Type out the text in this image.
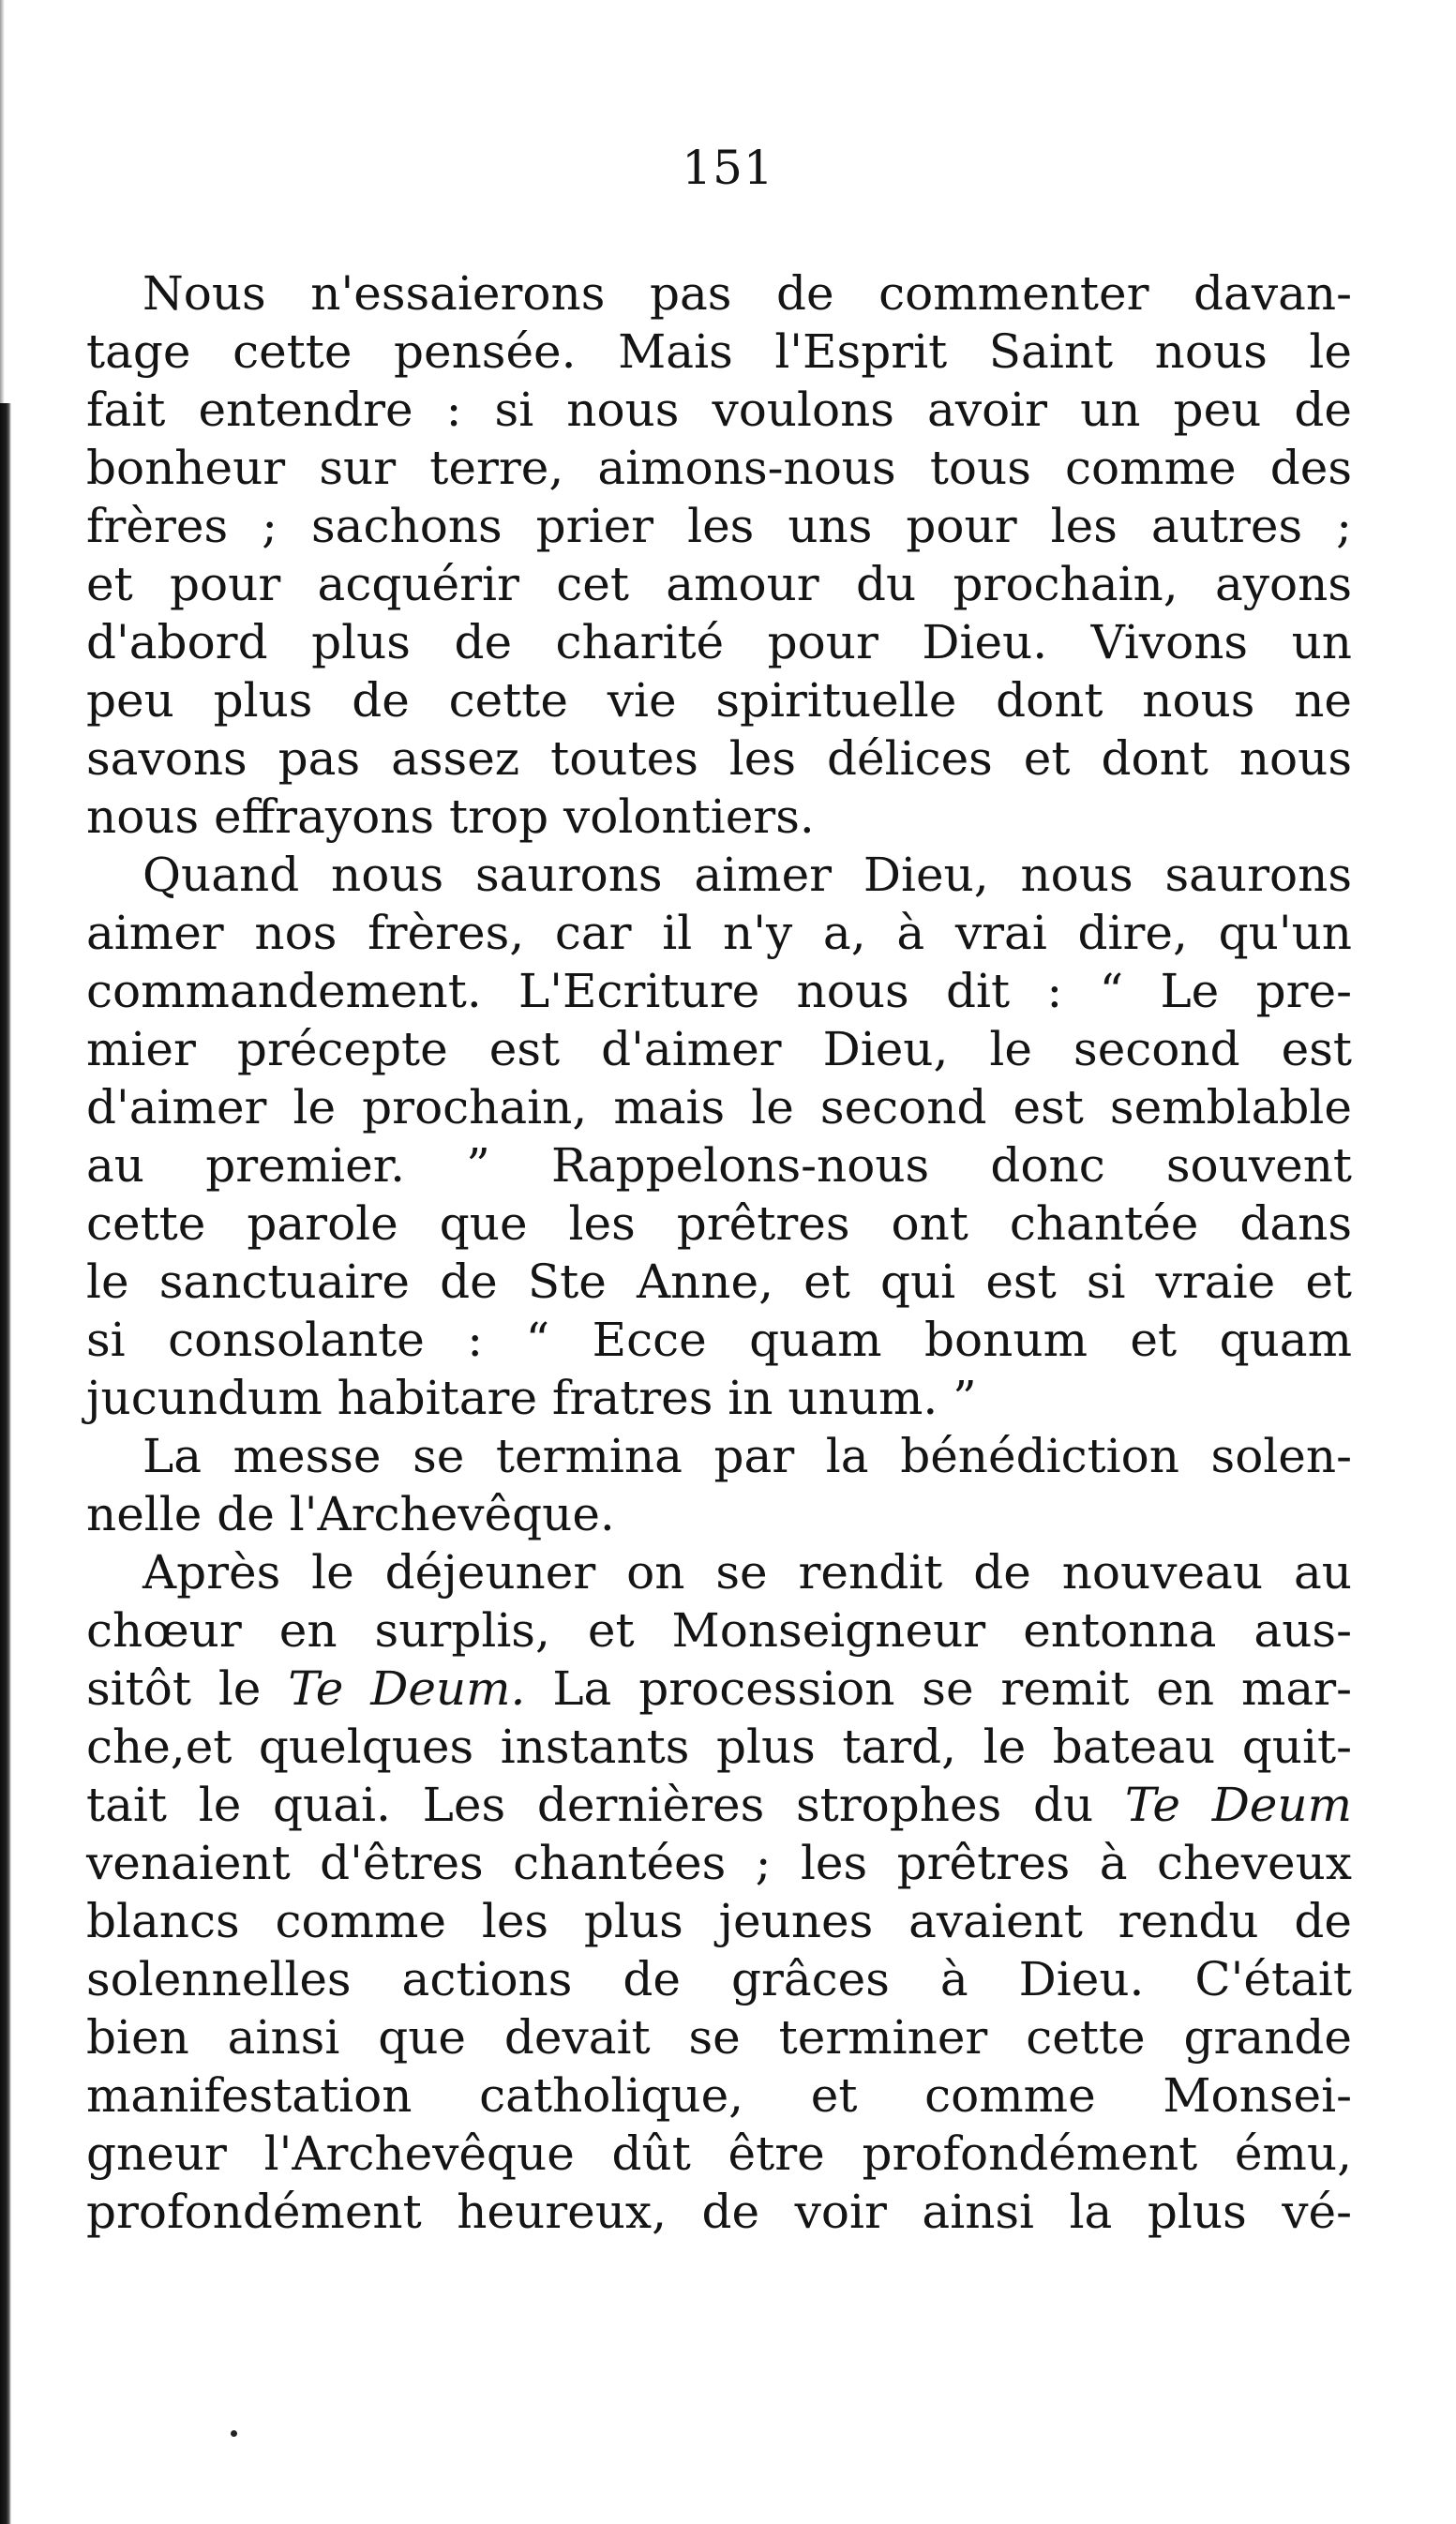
151
Nous n'essaierons pas de commenter davan-
tage cette pensée. Mais l'Esprit Saint nous le
fait entendre : si nous voulons avoir un peu de
bonheur sur terre, aimons-nous tous comme des
frères ; sachons prier les uns pour les autres ;
et pour acquérir cet amour du prochain, ayons
d'abord plus de charité pour Dieu. Vivons un
peu plus de cette vie spirituelle dont nous ne
savons pas assez toutes les délices et dont nous
nous effrayons trop volontiers.
Quand nous saurons aimer Dieu, nous saurons
aimer nos frères, car il n'y a, à vrai dire, qu'un
commandement. L'Ecriture nous dit : “ Le pre-
mier précepte est d'aimer Dieu, le second est
d'aimer le prochain, mais le second est semblable
au premier. ” Rappelons-nous donc souvent
cette parole que les prêtres ont chantée dans
le sanctuaire de Ste Anne, et qui est si vraie et
si consolante : “ Ecce quam bonum et quam
jucundum habitare fratres in unum. ”
La messe se termina par la bénédiction solen-
nelle de l'Archevêque.
Après le déjeuner on se rendit de nouveau au
chœur en surplis, et Monseigneur entonna aus-
sitôt le Te Deum. La procession se remit en mar-
che,et quelques instants plus tard, le bateau quit-
tait le quai. Les dernières strophes du Te Deum
venaient d'êtres chantées ; les prêtres à cheveux
blancs comme les plus jeunes avaient rendu de
solennelles actions de grâces à Dieu. C'était
bien ainsi que devait se terminer cette grande
manifestation catholique, et comme Monsei-
gneur l'Archevêque dût être profondément ému,
profondément heureux, de voir ainsi la plus vé-
